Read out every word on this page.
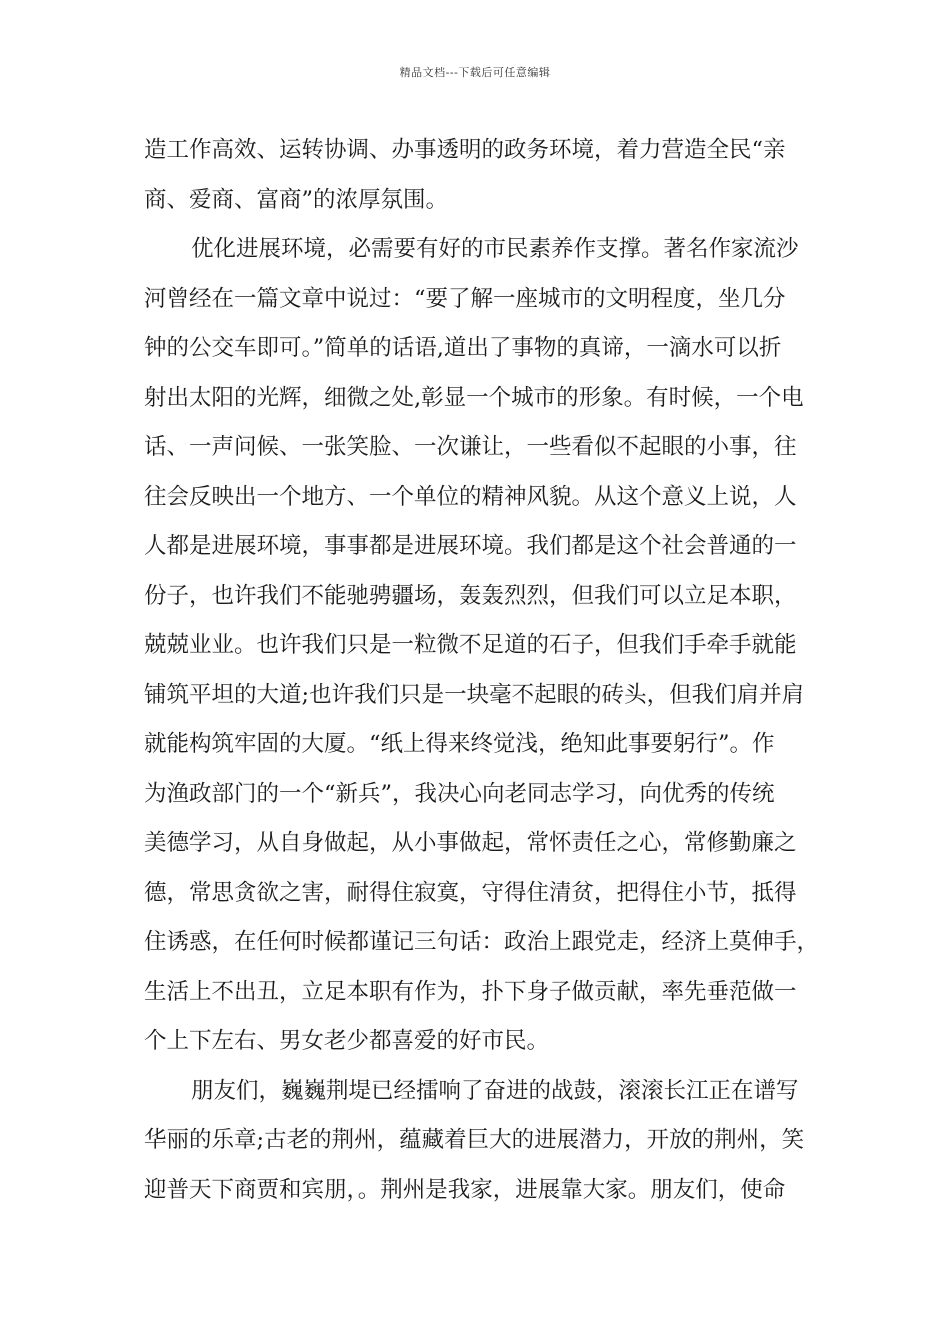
精品文档---下载后可任意编辑
造工作高效、运转协调、办事透明的政务环境，着力营造全民“亲
商、爱商、富商”的浓厚氛围。
优化进展环境，必需要有好的市民素养作支撑。著名作家流沙
河曾经在一篇文章中说过：“要了解一座城市的文明程度，坐几分
钟的公交车即可。”简单的话语,道出了事物的真谛，一滴水可以折
射出太阳的光辉，细微之处,彰显一个城市的形象。有时候，一个电
话、一声问候、一张笑脸、一次谦让，一些看似不起眼的小事，往
往会反映出一个地方、一个单位的精神风貌。从这个意义上说，人
人都是进展环境，事事都是进展环境。我们都是这个社会普通的一
份子，也许我们不能驰骋疆场，轰轰烈烈，但我们可以立足本职，
兢兢业业。也许我们只是一粒微不足道的石子，但我们手牵手就能
铺筑平坦的大道;也许我们只是一块毫不起眼的砖头，但我们肩并肩
就能构筑牢固的大厦。“纸上得来终觉浅，绝知此事要躬行”。作
为渔政部门的一个“新兵”，我决心向老同志学习，向优秀的传统
美德学习，从自身做起，从小事做起，常怀责任之心，常修勤廉之
德，常思贪欲之害，耐得住寂寞，守得住清贫，把得住小节，抵得
住诱惑，在任何时候都谨记三句话：政治上跟党走，经济上莫伸手，
生活上不出丑，立足本职有作为，扑下身子做贡献，率先垂范做一
个上下左右、男女老少都喜爱的好市民。
朋友们，巍巍荆堤已经擂响了奋进的战鼓，滚滚长江正在谱写
华丽的乐章;古老的荆州，蕴藏着巨大的进展潜力，开放的荆州，笑
迎普天下商贾和宾朋，。荆州是我家，进展靠大家。朋友们，使命
